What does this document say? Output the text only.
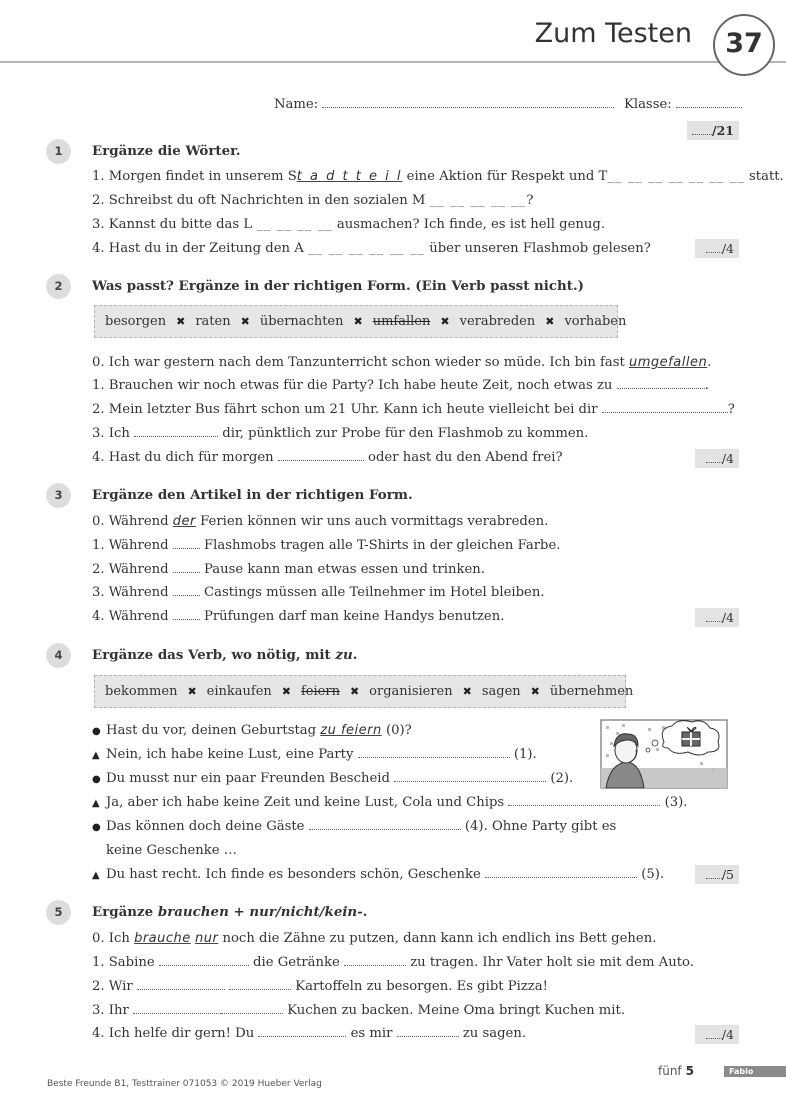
Zum Testen	37
Name:	Klasse:
/21
1	Ergänze die Wörter.
1. Morgen findet in unserem St a d t t e i l eine Aktion für Respekt und T__ __ __ __ __ __ __ statt.
2. Schreibst du oft Nachrichten in den sozialen M __ __ __ __ __?
3. Kannst du bitte das L __ __ __ __ ausmachen? Ich finde, es ist hell genug.
4. Hast du in der Zeitung den A __ __ __ __ __ __ über unseren Flashmob gelesen?	/4
2	Was passt? Ergänze in der richtigen Form. (Ein Verb passt nicht.)
besorgen ✖ raten ✖ übernachten ✖ umfallen ✖ verabreden ✖ vorhaben
0. Ich war gestern nach dem Tanzunterricht schon wieder so müde. Ich bin fast umgefallen.
1. Brauchen wir noch etwas für die Party? Ich habe heute Zeit, noch etwas zu	.
2. Mein letzter Bus fährt schon um 21 Uhr. Kann ich heute vielleicht bei dir	?
3. Ich	dir, pünktlich zur Probe für den Flashmob zu kommen.
4. Hast du dich für morgen	oder hast du den Abend frei?	/4
3	Ergänze den Artikel in der richtigen Form.
0. Während der Ferien können wir uns auch vormittags verabreden.
1. Während	Flashmobs tragen alle T-Shirts in der gleichen Farbe.
2. Während	Pause kann man etwas essen und trinken.
3. Während	Castings müssen alle Teilnehmer im Hotel bleiben.
4. Während	Prüfungen darf man keine Handys benutzen.	/4
4	Ergänze das Verb, wo nötig, mit zu.
bekommen ✖ einkaufen ✖ feiern ✖ organisieren ✖ sagen ✖ übernehmen
● Hast du vor, deinen Geburtstag zu feiern (0)?
▲ Nein, ich habe keine Lust, eine Party	(1).
● Du musst nur ein paar Freunden Bescheid	(2).
▲ Ja, aber ich habe keine Zeit und keine Lust, Cola und Chips	(3).
● Das können doch deine Gäste	(4). Ohne Party gibt es
keine Geschenke …
▲ Du hast recht. Ich finde es besonders schön, Geschenke	(5).	/5
5	Ergänze brauchen + nur/nicht/kein-.
0. Ich brauche nur noch die Zähne zu putzen, dann kann ich endlich ins Bett gehen.
1. Sabine	die Getränke	zu tragen. Ihr Vater holt sie mit dem Auto.
2. Wir	Kartoffeln zu besorgen. Es gibt Pizza!
3. Ihr	Kuchen zu backen. Meine Oma bringt Kuchen mit.
4. Ich helfe dir gern! Du	es mir	zu sagen.	/4
Beste Freunde B1, Testtrainer 071053 © 2019 Hueber Verlag
fünf 5	Fabio
